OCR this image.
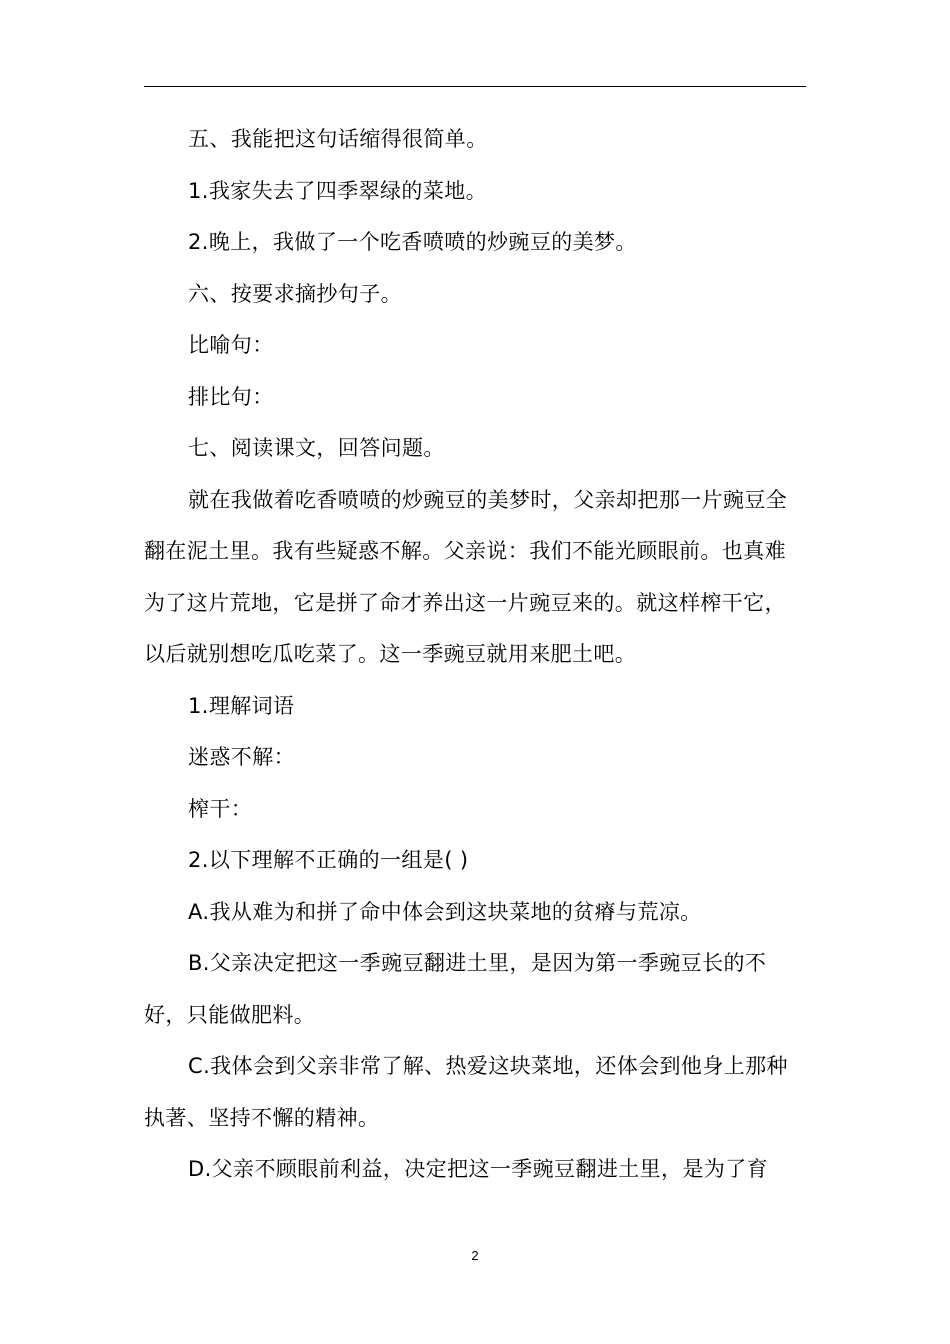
五、我能把这句话缩得很简单。

1.我家失去了四季翠绿的菜地。

2.晚上，我做了一个吃香喷喷的炒豌豆的美梦。

六、按要求摘抄句子。

比喻句：

排比句：

七、阅读课文，回答问题。

就在我做着吃香喷喷的炒豌豆的美梦时，父亲却把那一片豌豆全翻在泥土里。我有些疑惑不解。父亲说：我们不能光顾眼前。也真难为了这片荒地，它是拼了命才养出这一片豌豆来的。就这样榨干它，以后就别想吃瓜吃菜了。这一季豌豆就用来肥土吧。

1.理解词语

迷惑不解：

榨干：

2.以下理解不正确的一组是( )

A.我从难为和拼了命中体会到这块菜地的贫瘠与荒凉。

B.父亲决定把这一季豌豆翻进土里，是因为第一季豌豆长的不好，只能做肥料。

C.我体会到父亲非常了解、热爱这块菜地，还体会到他身上那种执著、坚持不懈的精神。

D.父亲不顾眼前利益，决定把这一季豌豆翻进土里，是为了育

2
